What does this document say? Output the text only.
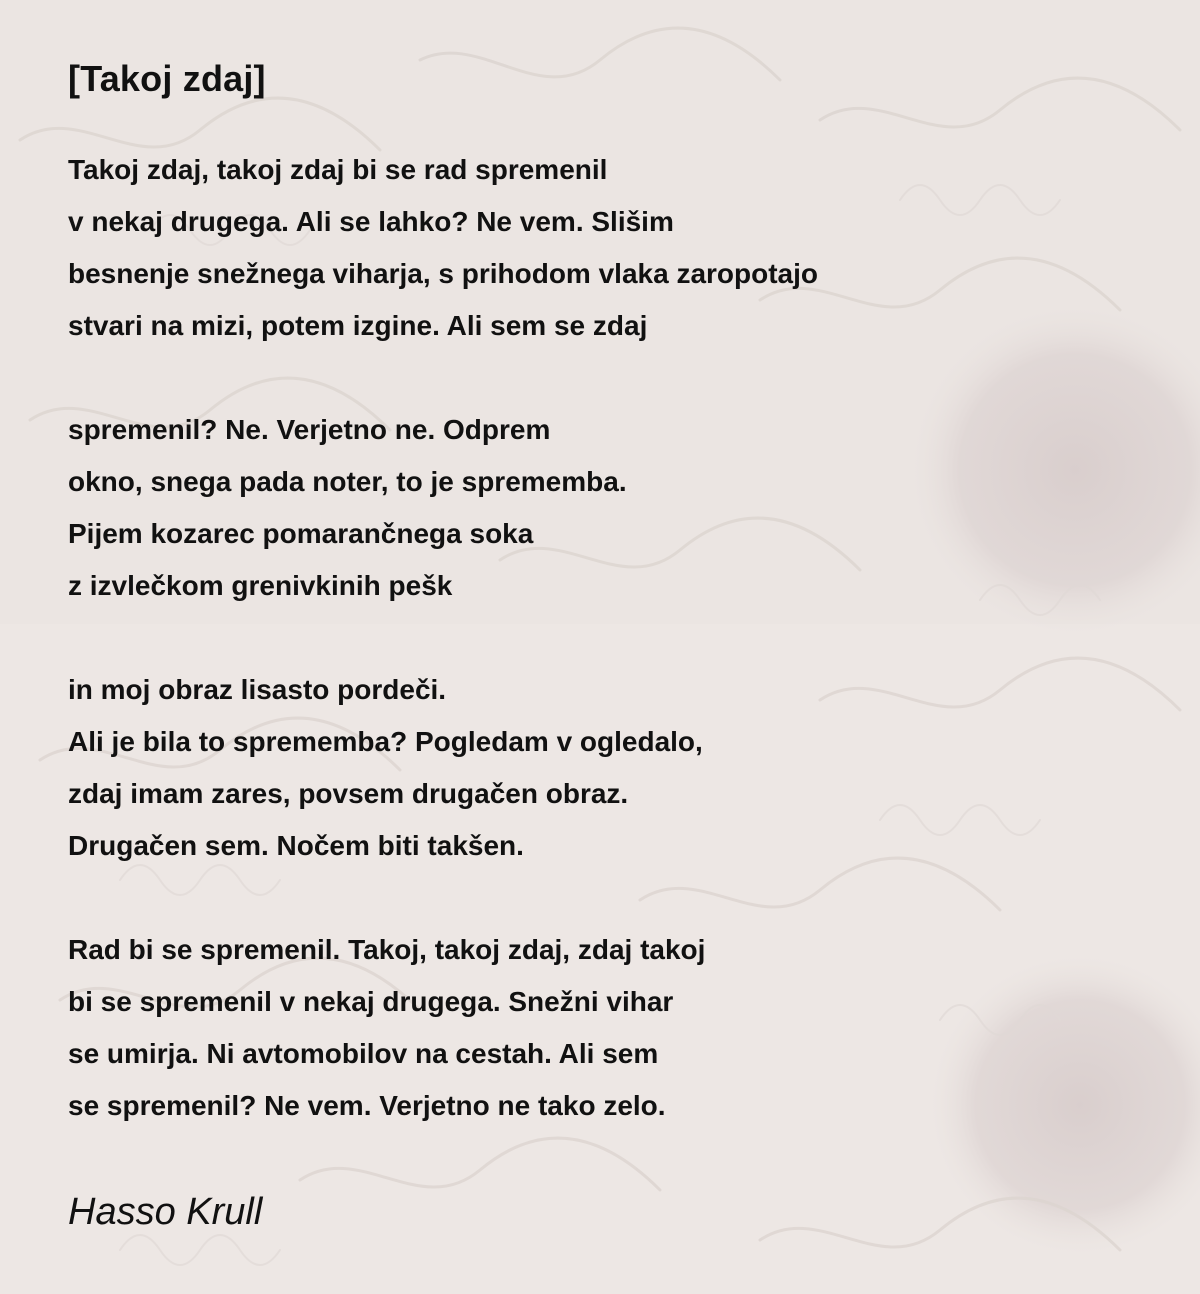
[Takoj zdaj]
Takoj zdaj, takoj zdaj bi se rad spremenil
v nekaj drugega. Ali se lahko? Ne vem. Slišim
besnenje snežnega viharja, s prihodom vlaka zaropotajo
stvari na mizi, potem izgine. Ali sem se zdaj
spremenil? Ne. Verjetno ne. Odprem
okno, snega pada noter, to je sprememba.
Pijem kozarec pomarančnega soka
z izvlečkom grenivkinih pešk
in moj obraz lisasto pordeči.
Ali je bila to sprememba? Pogledam v ogledalo,
zdaj imam zares, povsem drugačen obraz.
Drugačen sem. Nočem biti takšen.
Rad bi se spremenil. Takoj, takoj zdaj, zdaj takoj
bi se spremenil v nekaj drugega. Snežni vihar
se umirja. Ni avtomobilov na cestah. Ali sem
se spremenil? Ne vem. Verjetno ne tako zelo.
Hasso Krull
